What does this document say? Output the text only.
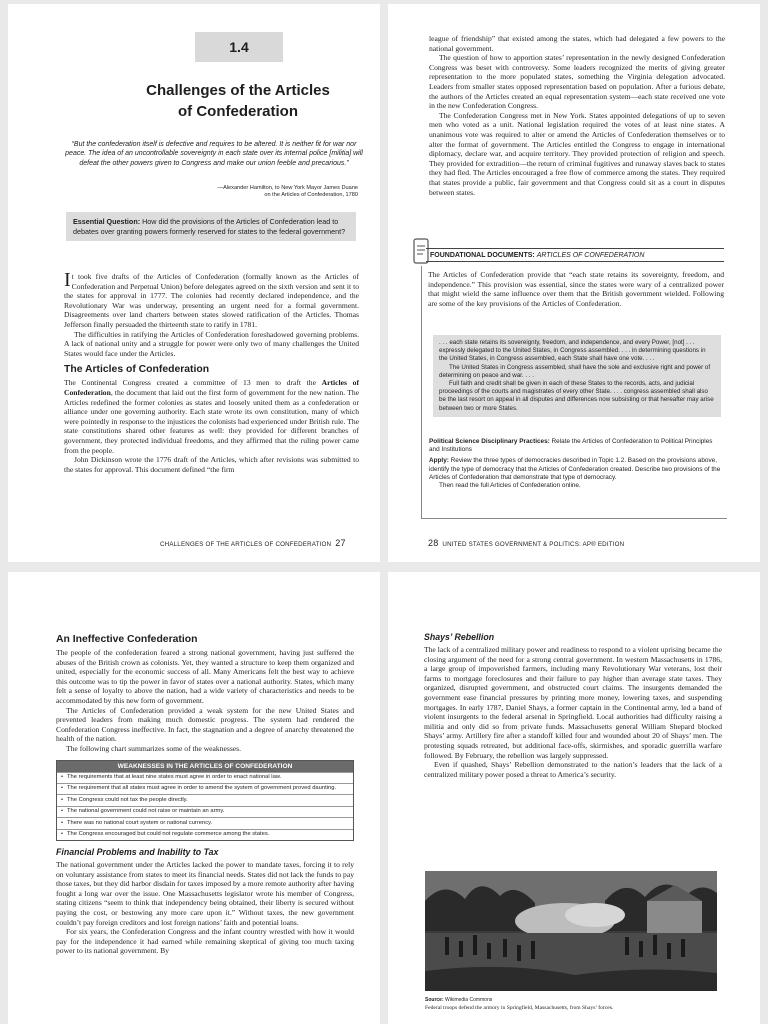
1.4
Challenges of the Articles
of Confederation
“But the confederation itself is defective and requires to be altered. It is neither fit for war nor peace. The idea of an uncontrollable sovereignty in each state over its internal police [militia] will defeat the other powers given to Congress and make our union feeble and precarious.”
—Alexander Hamilton, to New York Mayor James Duane
on the Articles of Confederation, 1780
Essential Question: How did the provisions of the Articles of Confederation lead to debates over granting powers formerly reserved for states to the federal government?

It took five drafts of the Articles of Confederation (formally known as the Articles of Confederation and Perpetual Union) before delegates agreed on the sixth version and sent it to the states for approval in 1777. The colonies had recently declared independence, and the Revolutionary War was underway, presenting an urgent need for a formal government. Disagreements over land charters between states slowed ratification of the Articles. Thomas Jefferson finally persuaded the thirteenth state to ratify in 1781.

The difficulties in ratifying the Articles of Confederation foreshadowed governing problems. A lack of national unity and a struggle for power were only two of many challenges the United States would face under the Articles.

The Articles of Confederation

The Continental Congress created a committee of 13 men to draft the Articles of Confederation, the document that laid out the first form of government for the new nation. The Articles redefined the former colonies as states and loosely united them as a confederation or alliance under one governing authority. Each state wrote its own constitution, many of which were pointedly in response to the injustices the colonists had experienced under British rule. The state constitutions shared other features as well: they provided for different branches of government, they protected individual freedoms, and they affirmed that the ruling power came from the people.

John Dickinson wrote the 1776 draft of the Articles, which after revisions was submitted to the states for approval. This document defined “the firm

CHALLENGES OF THE ARTICLES OF CONFEDERATION 27

league of friendship” that existed among the states, which had delegated a few powers to the national government.

The question of how to apportion states’ representation in the newly designed Confederation Congress was beset with controversy. Some leaders recognized the merits of giving greater representation to the more populated states, something the Virginia delegation advocated. Leaders from smaller states opposed representation based on population. After a furious debate, the authors of the Articles created an equal representation system—each state received one vote in the new Confederation Congress.

The Confederation Congress met in New York. States appointed delegations of up to seven men who voted as a unit. National legislation required the votes of at least nine states. A unanimous vote was required to alter or amend the Articles of Confederation themselves or to alter the format of government. The Articles entitled the Congress to engage in international diplomacy, declare war, and acquire territory. They provided protection of religion and speech. They provided for extradition—the return of criminal fugitives and runaway slaves back to states they had fled. The Articles encouraged a free flow of commerce among the states. They required that states provide a public, fair government and that Congress could sit as a court in disputes between states.

FOUNDATIONAL DOCUMENTS: ARTICLES OF CONFEDERATION

The Articles of Confederation provide that “each state retains its sovereignty, freedom, and independence.” This provision was essential, since the states were wary of a centralized power that might wield the same influence over them that the British government wielded. Following are some of the key provisions of the Articles of Confederation.

. . . each state retains its sovereignty, freedom, and independence, and every Power, [not] . . . expressly delegated to the United States, in Congress assembled. . . . in determining questions in the United States, in Congress assembled, each State shall have one vote. . . .
The United States in Congress assembled, shall have the sole and exclusive right and power of determining on peace and war. . . .
Full faith and credit shall be given in each of these States to the records, acts, and judicial proceedings of the courts and magistrates of every other State. . . . congress assembled shall also be the last resort on appeal in all disputes and differences now subsisting or that hereafter may arise between two or more States.
Political Science Disciplinary Practices: Relate the Articles of Confederation to Political Principles and Institutions
Apply: Review the three types of democracies described in Topic 1.2. Based on the provisions above, identify the type of democracy that the Articles of Confederation created. Describe two provisions of the Articles of Confederation that demonstrate that type of democracy.
Then read the full Articles of Confederation online.
28 UNITED STATES GOVERNMENT & POLITICS: AP® EDITION
An Ineffective Confederation

The people of the confederation feared a strong national government, having just suffered the abuses of the British crown as colonists. Yet, they wanted a structure to keep them organized and united, especially for the economic success of all. Many Americans felt the best way to achieve this outcome was to tip the power in favor of states over a national authority. States, which many felt a sense of loyalty to above the nation, had a wide variety of characteristics and needs to be accommodated by this new form of government.

The Articles of Confederation provided a weak system for the new United States and prevented leaders from making much domestic progress. The system had rendered the Confederation Congress ineffective. In fact, the stagnation and a degree of anarchy threatened the health of the nation.

The following chart summarizes some of the weaknesses.

WEAKNESSES IN THE ARTICLES OF CONFEDERATION
• The requirements that at least nine states must agree in order to enact national law.
• The requirement that all states must agree in order to amend the system of government proved daunting.
• The Congress could not tax the people directly.
• The national government could not raise or maintain an army.
• There was no national court system or national currency.
• The Congress encouraged but could not regulate commerce among the states.
Financial Problems and Inability to Tax

The national government under the Articles lacked the power to mandate taxes, forcing it to rely on voluntary assistance from states to meet its financial needs. States did not lack the funds to pay those taxes, but they did harbor disdain for taxes imposed by a more remote authority after having fought a long war over the issue. One Massachusetts legislator wrote his member of Congress, stating citizens “seem to think that independency being obtained, their liberty is secured without paying the cost, or bestowing any more care upon it.” Without taxes, the new government couldn’t pay foreign creditors and lost foreign nations’ faith and potential loans.

For six years, the Confederation Congress and the infant country wrestled with how it would pay for the independence it had earned while remaining skeptical of giving too much taxing power to its national government. By

Shays’ Rebellion

The lack of a centralized military power and readiness to respond to a violent uprising became the closing argument of the need for a strong central government. In western Massachusetts in 1786, a large group of impoverished farmers, including many Revolutionary War veterans, lost their farms to mortgage foreclosures and their failure to pay higher than average state taxes. They organized, disrupted government, and obstructed court claims. The insurgents demanded the government ease financial pressures by printing more money, lowering taxes, and suspending mortgages. In early 1787, Daniel Shays, a former captain in the Continental army, led a band of violent insurgents to the federal arsenal in Springfield. Local authorities had difficulty raising a militia and only did so from private funds. Massachusetts general William Shepard blocked Shays’ army. Artillery fire after a standoff killed four and wounded about 20 of Shays’ men. The protesting squads retreated, but additional face-offs, skirmishes, and sporadic guerrilla warfare followed. By February, the rebellion was largely suppressed.

Even if quashed, Shays’ Rebellion demonstrated to the nation’s leaders that the lack of a centralized military power posed a threat to America’s security.

Source: Wikimedia Commons
Federal troops defend the armory in Springfield, Massachusetts, from Shays’ forces.
